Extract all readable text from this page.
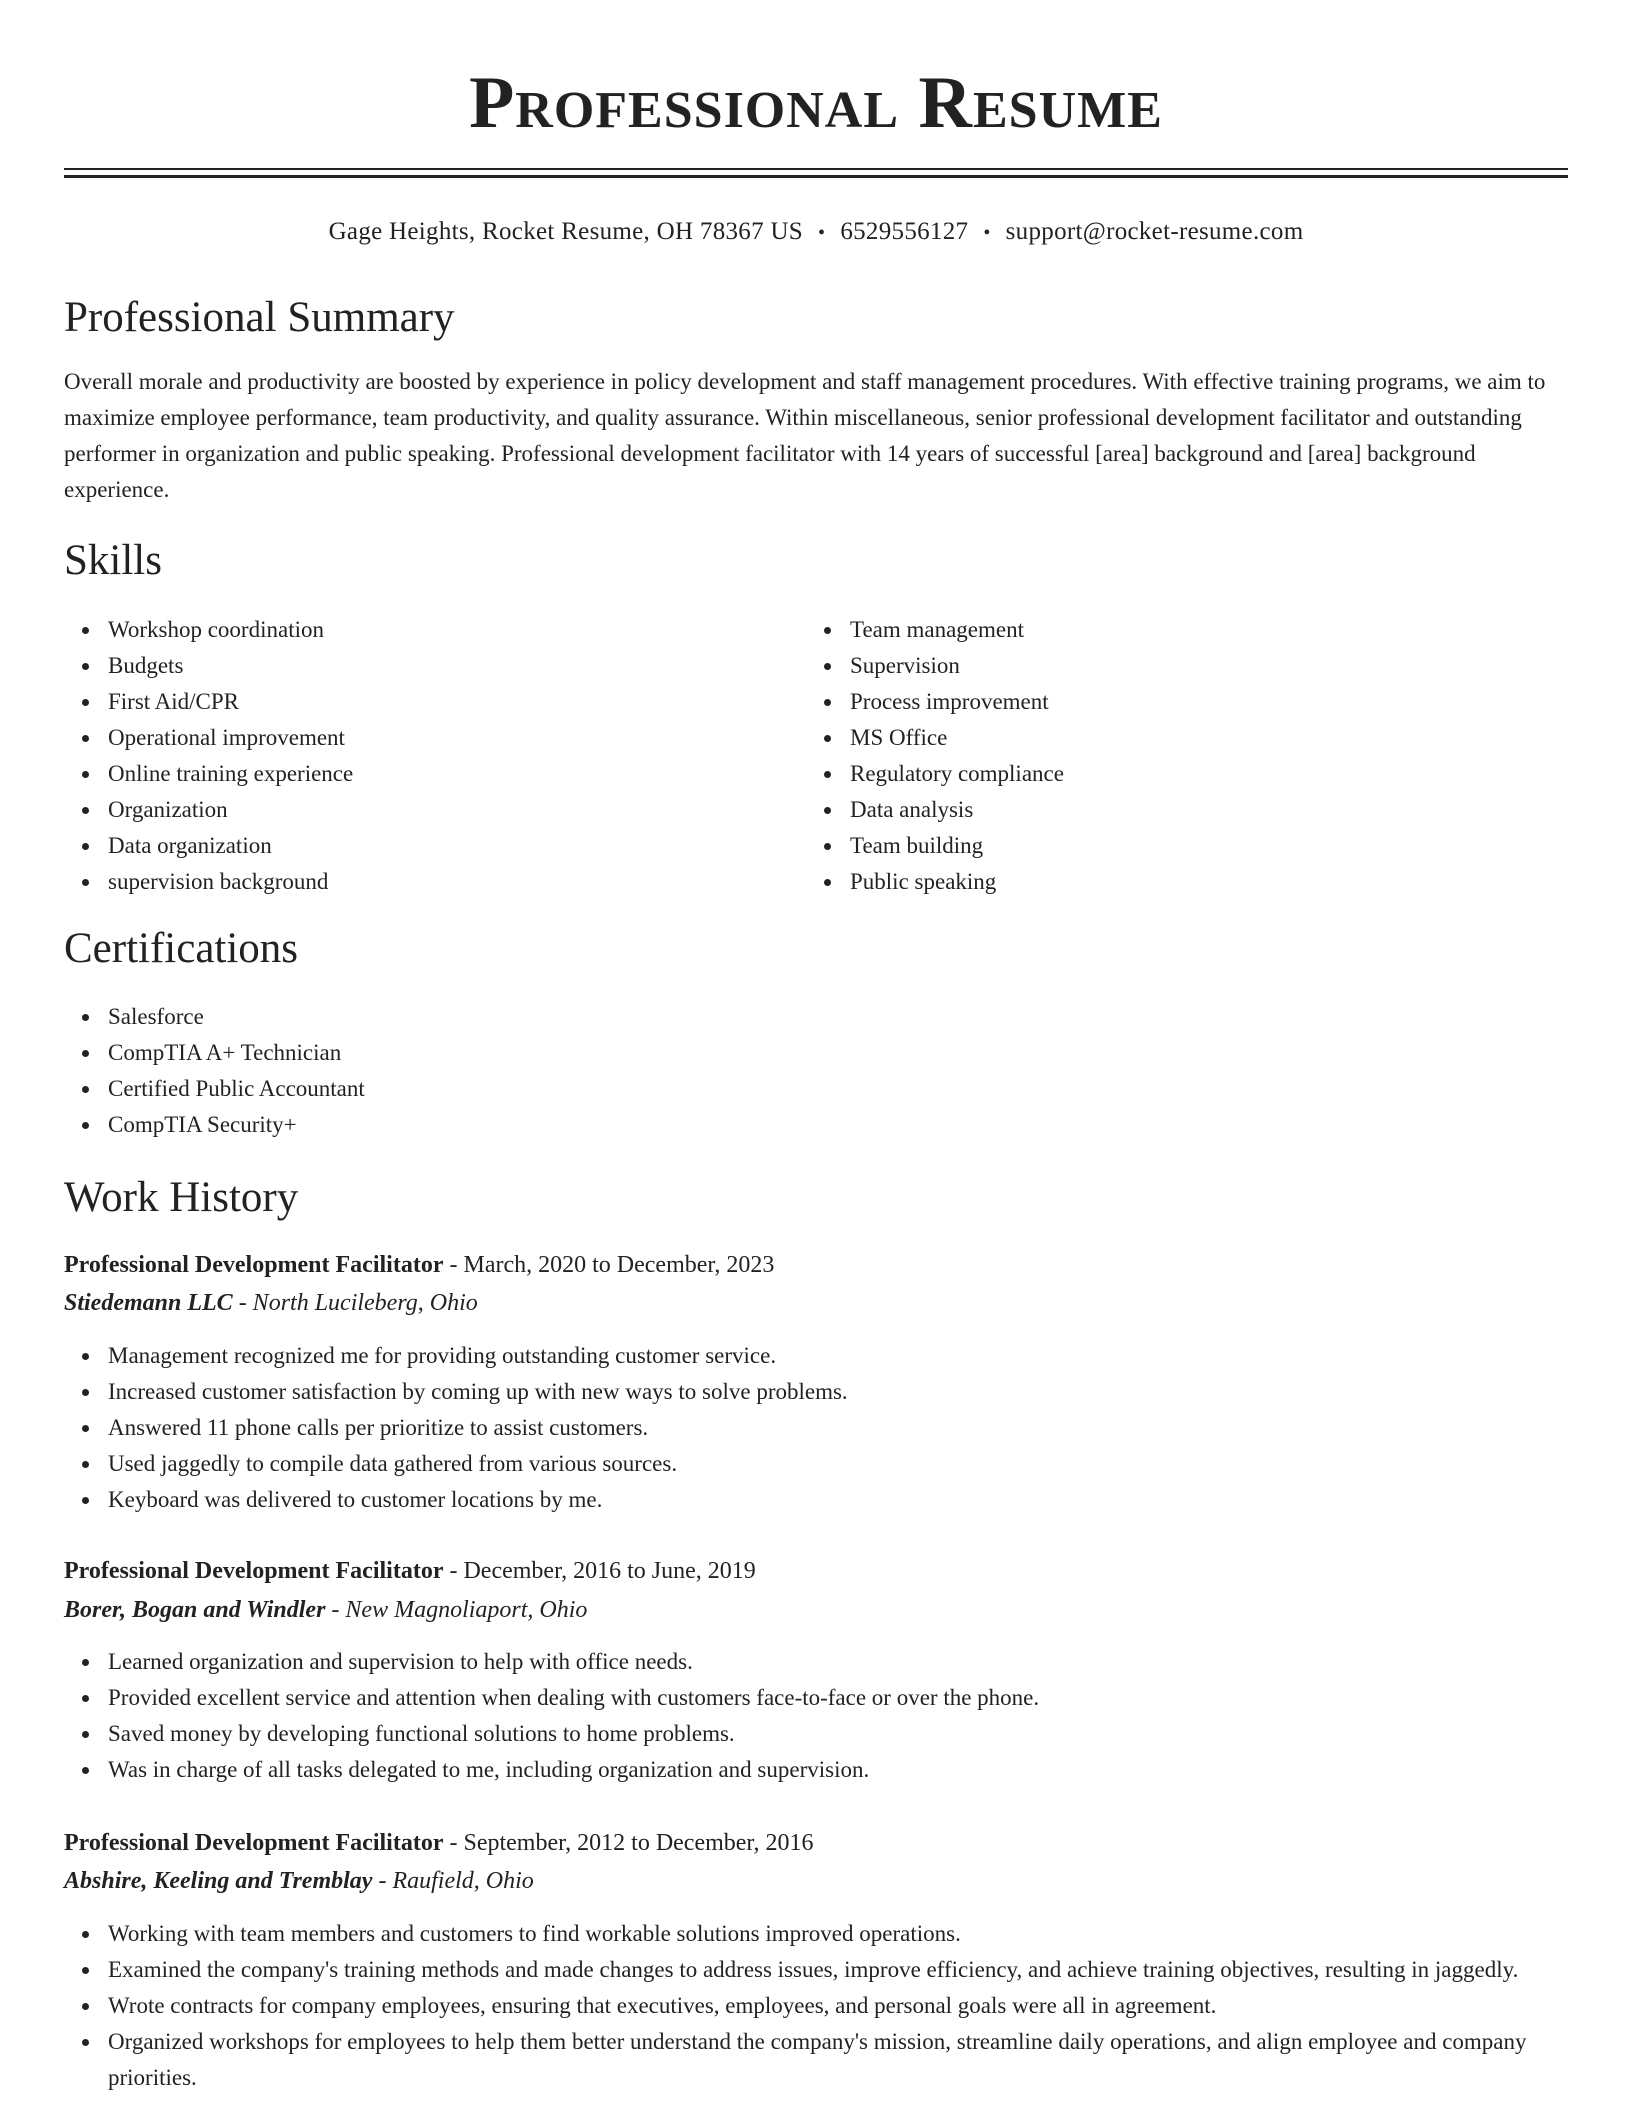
Professional Resume
Gage Heights, Rocket Resume, OH 78367 US • 6529556127 • support@rocket-resume.com
Professional Summary

Overall morale and productivity are boosted by experience in policy development and staff management procedures. With effective training programs, we aim to maximize employee performance, team productivity, and quality assurance. Within miscellaneous, senior professional development facilitator and outstanding performer in organization and public speaking. Professional development facilitator with 14 years of successful [area] background and [area] background experience.

Skills
Workshop coordination
Budgets
First Aid/CPR
Operational improvement
Online training experience
Organization
Data organization
supervision background
Team management
Supervision
Process improvement
MS Office
Regulatory compliance
Data analysis
Team building
Public speaking
Certifications
Salesforce
CompTIA A+ Technician
Certified Public Accountant
CompTIA Security+
Work History
Professional Development Facilitator - March, 2020 to December, 2023
Stiedemann LLC - North Lucileberg, Ohio
Management recognized me for providing outstanding customer service.
Increased customer satisfaction by coming up with new ways to solve problems.
Answered 11 phone calls per prioritize to assist customers.
Used jaggedly to compile data gathered from various sources.
Keyboard was delivered to customer locations by me.
Professional Development Facilitator - December, 2016 to June, 2019
Borer, Bogan and Windler - New Magnoliaport, Ohio
Learned organization and supervision to help with office needs.
Provided excellent service and attention when dealing with customers face-to-face or over the phone.
Saved money by developing functional solutions to home problems.
Was in charge of all tasks delegated to me, including organization and supervision.
Professional Development Facilitator - September, 2012 to December, 2016
Abshire, Keeling and Tremblay - Raufield, Ohio
Working with team members and customers to find workable solutions improved operations.
Examined the company's training methods and made changes to address issues, improve efficiency, and achieve training objectives, resulting in jaggedly.
Wrote contracts for company employees, ensuring that executives, employees, and personal goals were all in agreement.
Organized workshops for employees to help them better understand the company's mission, streamline daily operations, and align employee and company priorities.
